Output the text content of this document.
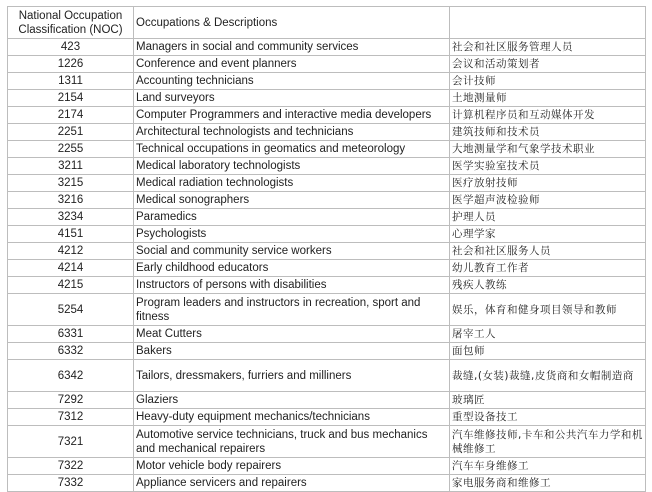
National Occupation
Classification (NOC)	Occupations & Descriptions	
423	Managers in social and community services	社会和社区服务管理人员
1226	Conference and event planners	会议和活动策划者
1311	Accounting technicians	会计技师
2154	Land surveyors	土地测量师
2174	Computer Programmers and interactive media developers	计算机程序员和互动媒体开发
2251	Architectural technologists and technicians	建筑技师和技术员
2255	Technical occupations in geomatics and meteorology	大地测量学和气象学技术职业
3211	Medical laboratory technologists	医学实验室技术员
3215	Medical radiation technologists	医疗放射技师
3216	Medical sonographers	医学超声波检验师
3234	Paramedics	护理人员
4151	Psychologists	心理学家
4212	Social and community service workers	社会和社区服务人员
4214	Early childhood educators	幼儿教育工作者
4215	Instructors of persons with disabilities	残疾人教练
5254	Program leaders and instructors in recreation, sport and fitness	娱乐，体育和健身项目领导和教师
6331	Meat Cutters	屠宰工人
6332	Bakers	面包师
6342	Tailors, dressmakers, furriers and milliners	裁缝,(女装)裁缝,皮货商和女帽制造商
7292	Glaziers	玻璃匠
7312	Heavy-duty equipment mechanics/technicians	重型设备技工
7321	Automotive service technicians, truck and bus mechanics and mechanical repairers	汽车维修技师,卡车和公共汽车力学和机械维修工
7322	Motor vehicle body repairers	汽车车身维修工
7332	Appliance servicers and repairers	家电服务商和维修工
